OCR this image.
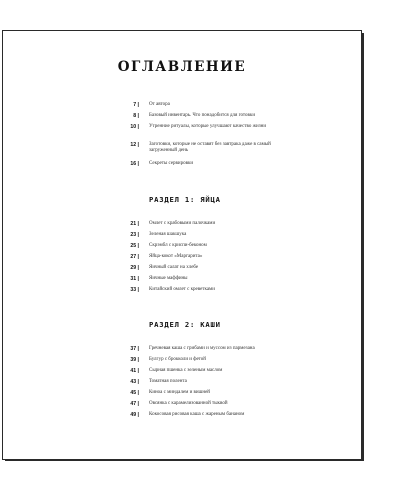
ОГЛАВЛЕНИЕ
7 | От автора
8 | Базовый инвентарь. Что понадобится для готовки
10 | Утренние ритуалы, которые улучшают качество жизни
12 | Заготовки, которые не оставят без завтрака даже в самый загруженный день
16 | Секреты сервировки
РАЗДЕЛ 1: ЯЙЦА
21 | Омлет с крабовыми палочками
23 | Зеленая шакшука
25 | Скрэмбл с криспи-беконом
27 | Яйца-кокот «Маргарита»
29 | Яичный салат на хлебе
31 | Яичные маффины
33 | Китайский омлет с креветками
РАЗДЕЛ 2: КАШИ
37 | Гречневая каша с грибами и муссом из пармезана
39 | Булгур с брокколи и фетой
41 | Сырная пшенка с зеленым маслом
43 | Томатная полента
45 | Киноа с миндалем и вишней
47 | Овсянка с карамелизованной тыквой
49 | Кокосовая рисовая каша с жареным бананом
